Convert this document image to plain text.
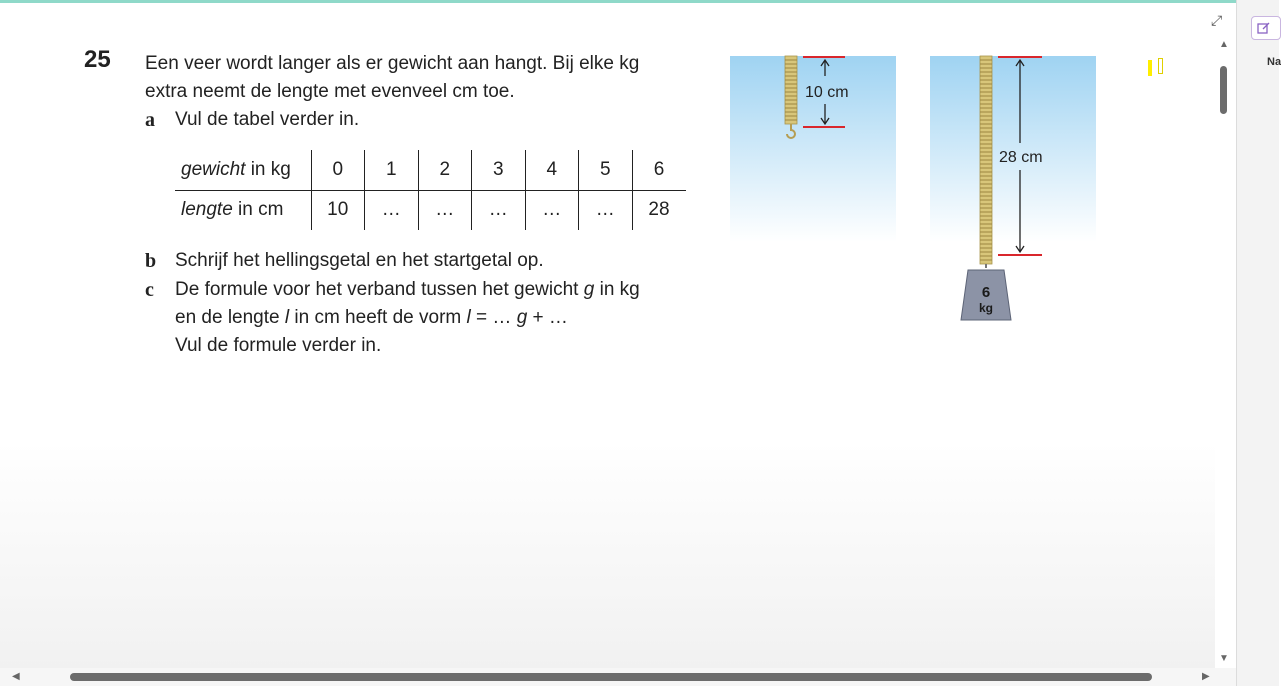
25 Een veer wordt langer als er gewicht aan hangt. Bij elke kg
extra neemt de lengte met evenveel cm toe.
a Vul de tabel verder in.
gewicht in kg	0	1	2	3	4	5	6
lengte in cm	10	…	…	…	…	…	28
b Schrijf het hellingsgetal en het startgetal op.
c De formule voor het verband tussen het gewicht g in kg
en de lengte l in cm heeft de vorm l = … g + …
Vul de formule verder in.
10 cm
28 cm
6
kg
⤢
▲
▼
◀	▶
Na
